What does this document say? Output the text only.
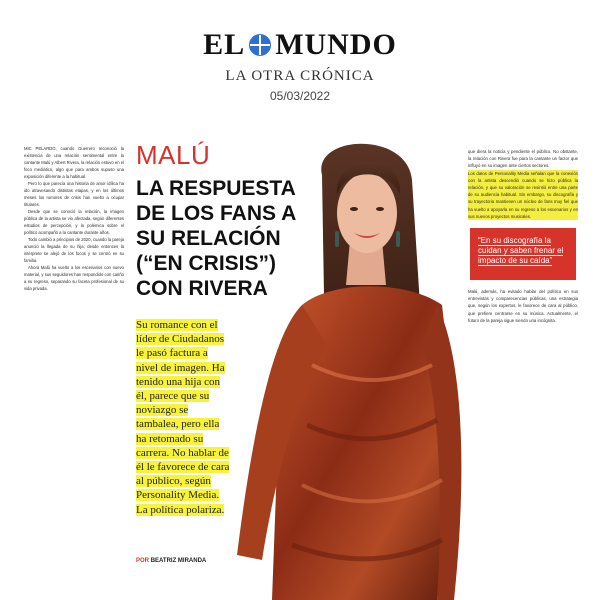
EL MUNDO
LA OTRA CRÓNICA
05/03/2022

MIC PELARDO, cuando Guerrero reconoció la existencia de una relación sentimental entre la cantante Malú y Albert Rivera, la relación estuvo en el foco mediático, algo que para ambos supuso una exposición diferente a la habitual.

Pero lo que parecía una historia de amor idílica ha ido atravesando distintas etapas, y en los últimos meses los rumores de crisis han vuelto a ocupar titulares.

Desde que se conoció la relación, la imagen pública de la artista se vio afectada, según diferentes estudios de percepción, y la polémica sobre el político acompañó a la cantante durante años.

Todo cambió a principios de 2020, cuando la pareja anunció la llegada de su hija; desde entonces la intérprete se alejó de los focos y se centró en su familia.

Ahora Malú ha vuelto a los escenarios con nuevo material, y sus seguidores han respondido con cariño a su regreso, separando su faceta profesional de su vida privada.

MALÚ
LA RESPUESTA DE LOS FANS A SU RELACIÓN (“EN CRISIS”) CON RIVERA

Su romance con el líder de Ciudadanos le pasó factura a nivel de imagen. Ha tenido una hija con él, parece que su noviazgo se tambalea, pero ella ha retomado su carrera. No hablar de él le favorece de cara al público, según Personality Media. La política polariza.

POR BEATRIZ MIRANDA

que diera la noticia y pendiente el público. No obstante, la relación con Rivera fue para la cantante un factor que influyó en su imagen ante ciertos sectores.

Los datos de Personality Media señalan que la conexión con la artista descendió cuando se hizo pública la relación, y que su valoración se resintió entre una parte de su audiencia habitual. Sin embargo, su discografía y su trayectoria mantienen un núcleo de fans muy fiel que ha vuelto a apoyarla en su regreso a los escenarios y en sus nuevos proyectos musicales.

“En su discografía la cuidan y saben frenar el impacto de su caída”

Malú, además, ha evitado hablar del político en sus entrevistas y comparecencias públicas, una estrategia que, según los expertos, le favorece de cara al público, que prefiere centrarse en su música. Actualmente, el futuro de la pareja sigue siendo una incógnita.
